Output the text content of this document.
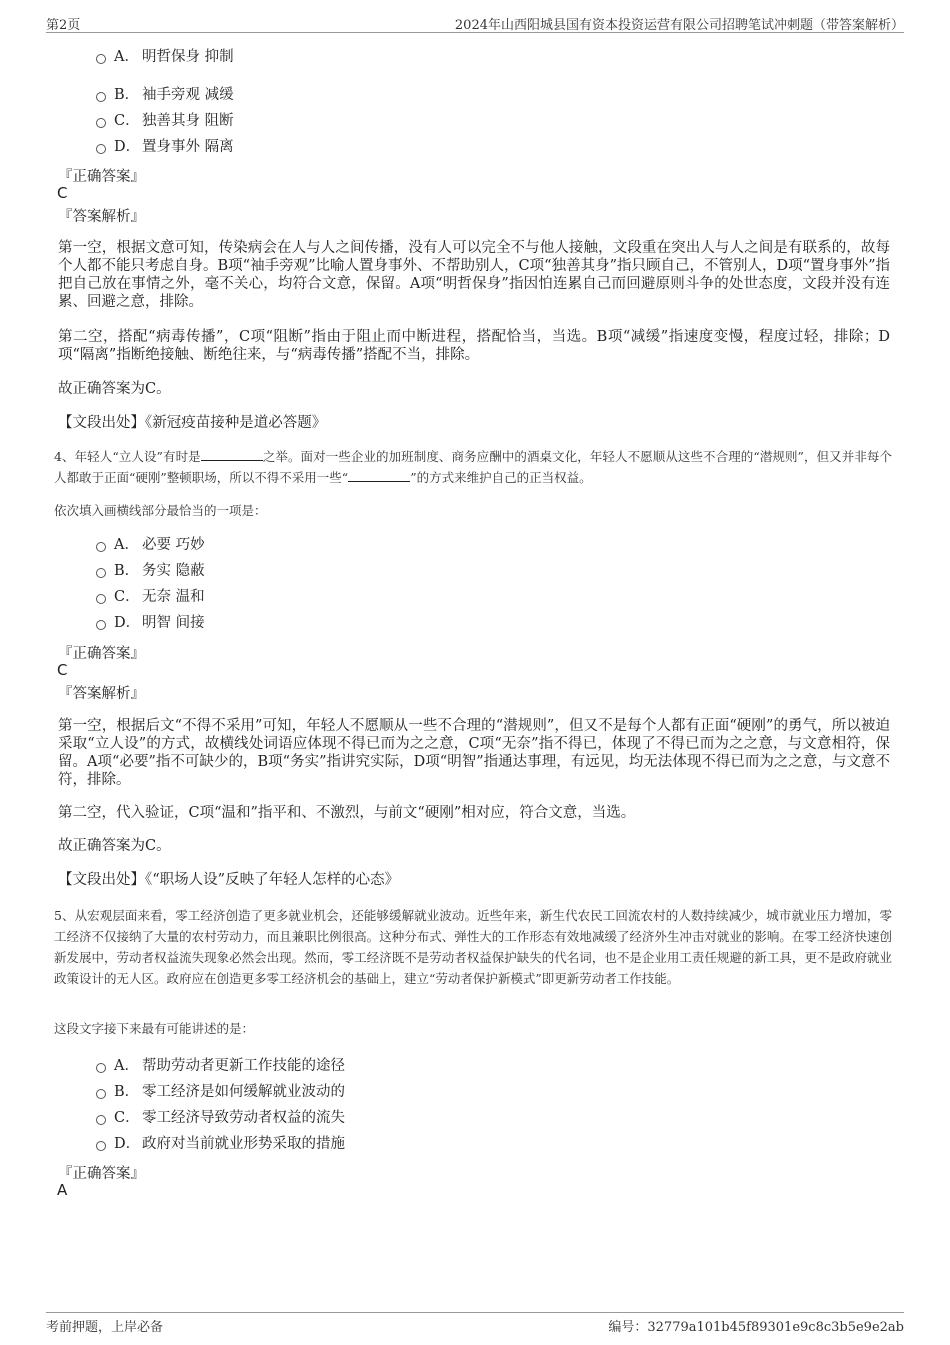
第2页	2024年山西阳城县国有资本投资运营有限公司招聘笔试冲刺题（带答案解析）
A． 明哲保身 抑制
B． 袖手旁观 减缓
C． 独善其身 阻断
D． 置身事外 隔离
『正确答案』
C
『答案解析』
第一空，根据文意可知，传染病会在人与人之间传播，没有人可以完全不与他人接触，文段重在突出人与人之间是有联系的，故每个人都不能只考虑自身。B项“袖手旁观”比喻人置身事外、不帮助别人，C项“独善其身”指只顾自己，不管别人，D项“置身事外”指把自己放在事情之外，毫不关心，均符合文意，保留。A项“明哲保身”指因怕连累自己而回避原则斗争的处世态度，文段并没有连累、回避之意，排除。
第二空，搭配“病毒传播”，C项“阻断”指由于阻止而中断进程，搭配恰当，当选。B项“减缓”指速度变慢，程度过轻，排除；D项“隔离”指断绝接触、断绝往来，与“病毒传播”搭配不当，排除。
故正确答案为C。
【文段出处】《新冠疫苗接种是道必答题》
4、年轻人“立人设”有时是	之举。面对一些企业的加班制度、商务应酬中的酒桌文化，年轻人不愿顺从这些不合理的“潜规则”，但又并非每个人都敢于正面“硬刚”整顿职场，所以不得不采用一些“	”的方式来维护自己的正当权益。
依次填入画横线部分最恰当的一项是：
A． 必要 巧妙
B． 务实 隐蔽
C． 无奈 温和
D． 明智 间接
『正确答案』
C
『答案解析』
第一空，根据后文“不得不采用”可知，年轻人不愿顺从一些不合理的“潜规则”，但又不是每个人都有正面“硬刚”的勇气，所以被迫采取“立人设”的方式，故横线处词语应体现不得已而为之之意，C项“无奈”指不得已，体现了不得已而为之之意，与文意相符，保留。A项“必要”指不可缺少的，B项“务实”指讲究实际，D项“明智”指通达事理，有远见，均无法体现不得已而为之之意，与文意不符，排除。
第二空，代入验证，C项“温和”指平和、不激烈，与前文“硬刚”相对应，符合文意，当选。
故正确答案为C。
【文段出处】《“职场人设”反映了年轻人怎样的心态》
5、从宏观层面来看，零工经济创造了更多就业机会，还能够缓解就业波动。近些年来，新生代农民工回流农村的人数持续减少，城市就业压力增加，零工经济不仅接纳了大量的农村劳动力，而且兼职比例很高。这种分布式、弹性大的工作形态有效地减缓了经济外生冲击对就业的影响。在零工经济快速创新发展中，劳动者权益流失现象必然会出现。然而，零工经济既不是劳动者权益保护缺失的代名词，也不是企业用工责任规避的新工具，更不是政府就业政策设计的无人区。政府应在创造更多零工经济机会的基础上，建立“劳动者保护新模式”即更新劳动者工作技能。
这段文字接下来最有可能讲述的是：
A． 帮助劳动者更新工作技能的途径
B． 零工经济是如何缓解就业波动的
C． 零工经济导致劳动者权益的流失
D． 政府对当前就业形势采取的措施
『正确答案』
A
考前押题，上岸必备	编号：32779a101b45f89301e9c8c3b5e9e2ab
